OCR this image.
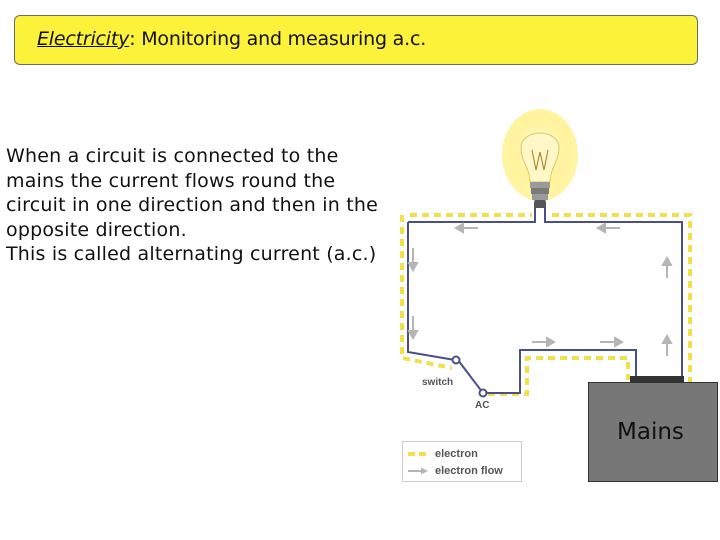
Electricity: Monitoring and measuring a.c.

When a circuit is connected to the mains the current flows round the circuit in one direction and then in the opposite direction.

This is called alternating current (a.c.)

switch
AC
Mains
electron
electron flow
